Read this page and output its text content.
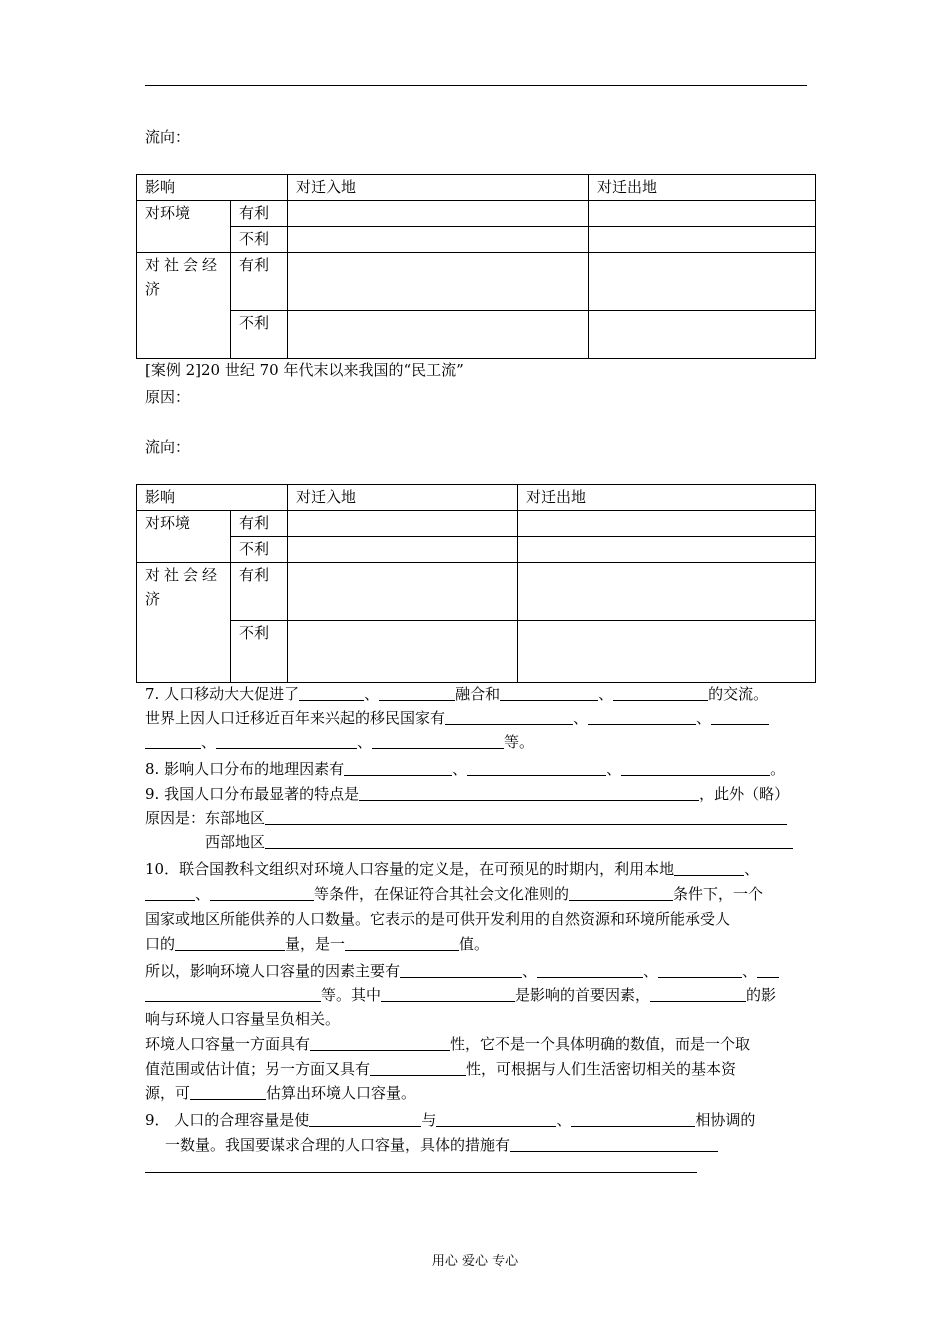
流向：
影响		对迁入地	对迁出地
对环境	有利		
	不利		
对社会经济	有利		
	不利		
[案例 2]20 世纪 70 年代末以来我国的“民工流”
原因：
流向：
影响		对迁入地	对迁出地
对环境	有利		
	不利		
对社会经济	有利		
	不利		
7. 人口移动大大促进了	、	融合和	、	的交流。
世界上因人口迁移近百年来兴起的移民国家有	、	、
、	、	等。
8. 影响人口分布的地理因素有	、	、	。
9. 我国人口分布最显著的特点是	，此外（略）
原因是：东部地区
西部地区
10．联合国教科文组织对环境人口容量的定义是，在可预见的时期内，利用本地	、
、	等条件，在保证符合其社会文化准则的	条件下，一个
国家或地区所能供养的人口数量。它表示的是可供开发利用的自然资源和环境所能承受人
口的	量，是一	值。
所以，影响环境人口容量的因素主要有	、	、	、
等。其中	是影响的首要因素，	的影
响与环境人口容量呈负相关。
环境人口容量一方面具有	性，它不是一个具体明确的数值，而是一个取
值范围或估计值；另一方面又具有	性，可根据与人们生活密切相关的基本资
源，可	估算出环境人口容量。
9． 人口的合理容量是使	与	、	相协调的
一数量。我国要谋求合理的人口容量，具体的措施有
用心 爱心 专心
